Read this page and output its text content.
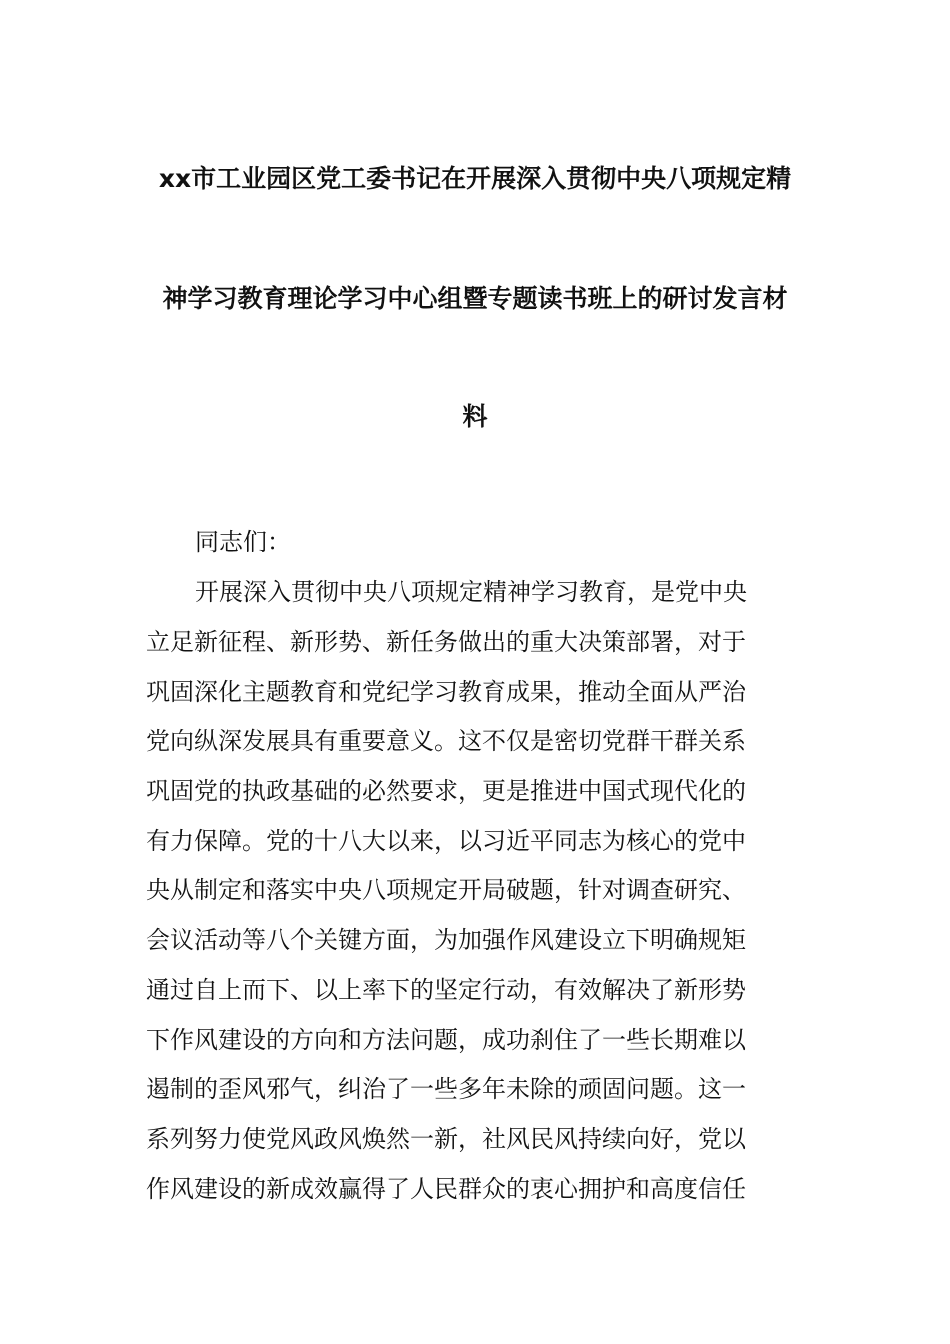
xx市工业园区党工委书记在开展深入贯彻中央八项规定精
神学习教育理论学习中心组暨专题读书班上的研讨发言材
料
同志们：
开展深入贯彻中央八项规定精神学习教育，是党中央
立足新征程、新形势、新任务做出的重大决策部署，对于
巩固深化主题教育和党纪学习教育成果，推动全面从严治
党向纵深发展具有重要意义。这不仅是密切党群干群关系
巩固党的执政基础的必然要求，更是推进中国式现代化的
有力保障。党的十八大以来，以习近平同志为核心的党中
央从制定和落实中央八项规定开局破题，针对调查研究、
会议活动等八个关键方面，为加强作风建设立下明确规矩
通过自上而下、以上率下的坚定行动，有效解决了新形势
下作风建设的方向和方法问题，成功刹住了一些长期难以
遏制的歪风邪气，纠治了一些多年未除的顽固问题。这一
系列努力使党风政风焕然一新，社风民风持续向好，党以
作风建设的新成效赢得了人民群众的衷心拥护和高度信任
